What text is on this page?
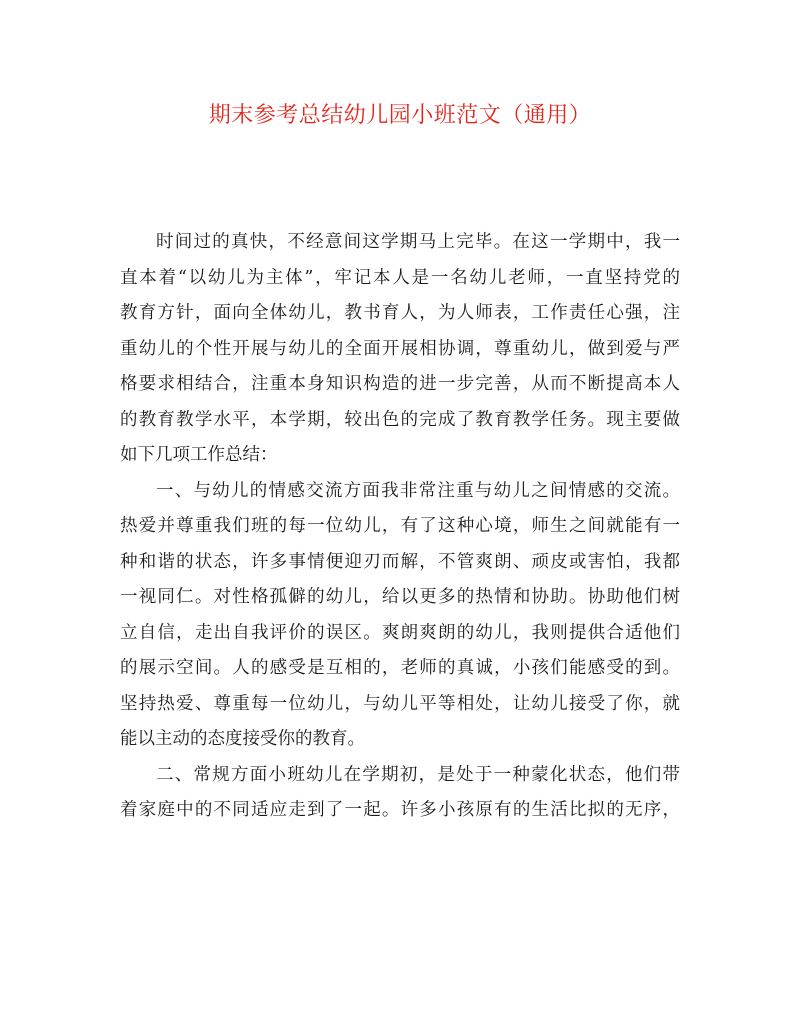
期末参考总结幼儿园小班范文（通用）
时间过的真快，不经意间这学期马上完毕。在这一学期中，我一
直本着“以幼儿为主体”，牢记本人是一名幼儿老师，一直坚持党的
教育方针，面向全体幼儿，教书育人，为人师表，工作责任心强，注
重幼儿的个性开展与幼儿的全面开展相协调，尊重幼儿，做到爱与严
格要求相结合，注重本身知识构造的进一步完善，从而不断提高本人
的教育教学水平，本学期，较出色的完成了教育教学任务。现主要做
如下几项工作总结：
一、与幼儿的情感交流方面我非常注重与幼儿之间情感的交流。
热爱并尊重我们班的每一位幼儿，有了这种心境，师生之间就能有一
种和谐的状态，许多事情便迎刃而解，不管爽朗、顽皮或害怕，我都
一视同仁。对性格孤僻的幼儿，给以更多的热情和协助。协助他们树
立自信，走出自我评价的误区。爽朗爽朗的幼儿，我则提供合适他们
的展示空间。人的感受是互相的，老师的真诚，小孩们能感受的到。
坚持热爱、尊重每一位幼儿，与幼儿平等相处，让幼儿接受了你，就
能以主动的态度接受你的教育。
二、常规方面小班幼儿在学期初，是处于一种蒙化状态，他们带
着家庭中的不同适应走到了一起。许多小孩原有的生活比拟的无序，
